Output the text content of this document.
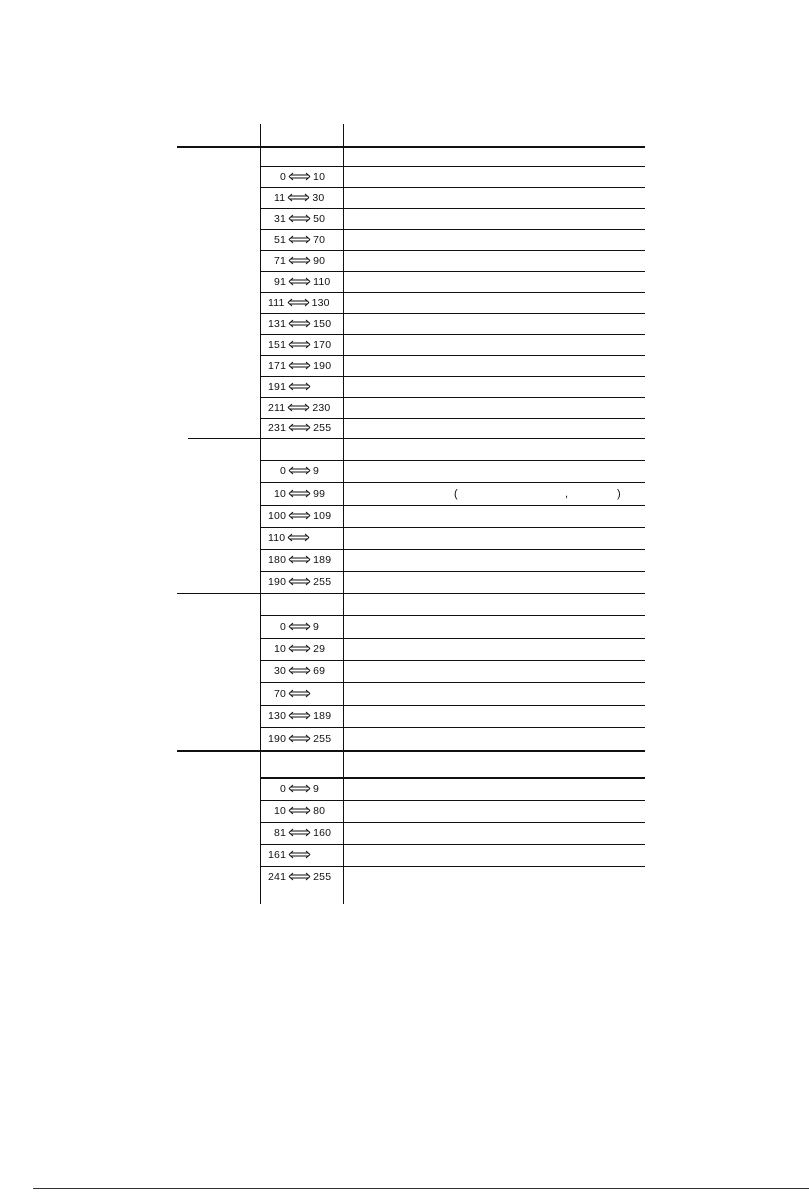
0	10
11	30
31	50
51	70
71	90
91	110
111	130
131	150
151	170
171	190
191
211	230
231	255
0	9
10	99	(	,	)
100	109
110
180	189
190	255
0	9
10	29
30	69
70
130	189
190	255
0	9
10	80
81	160
161
241	255
